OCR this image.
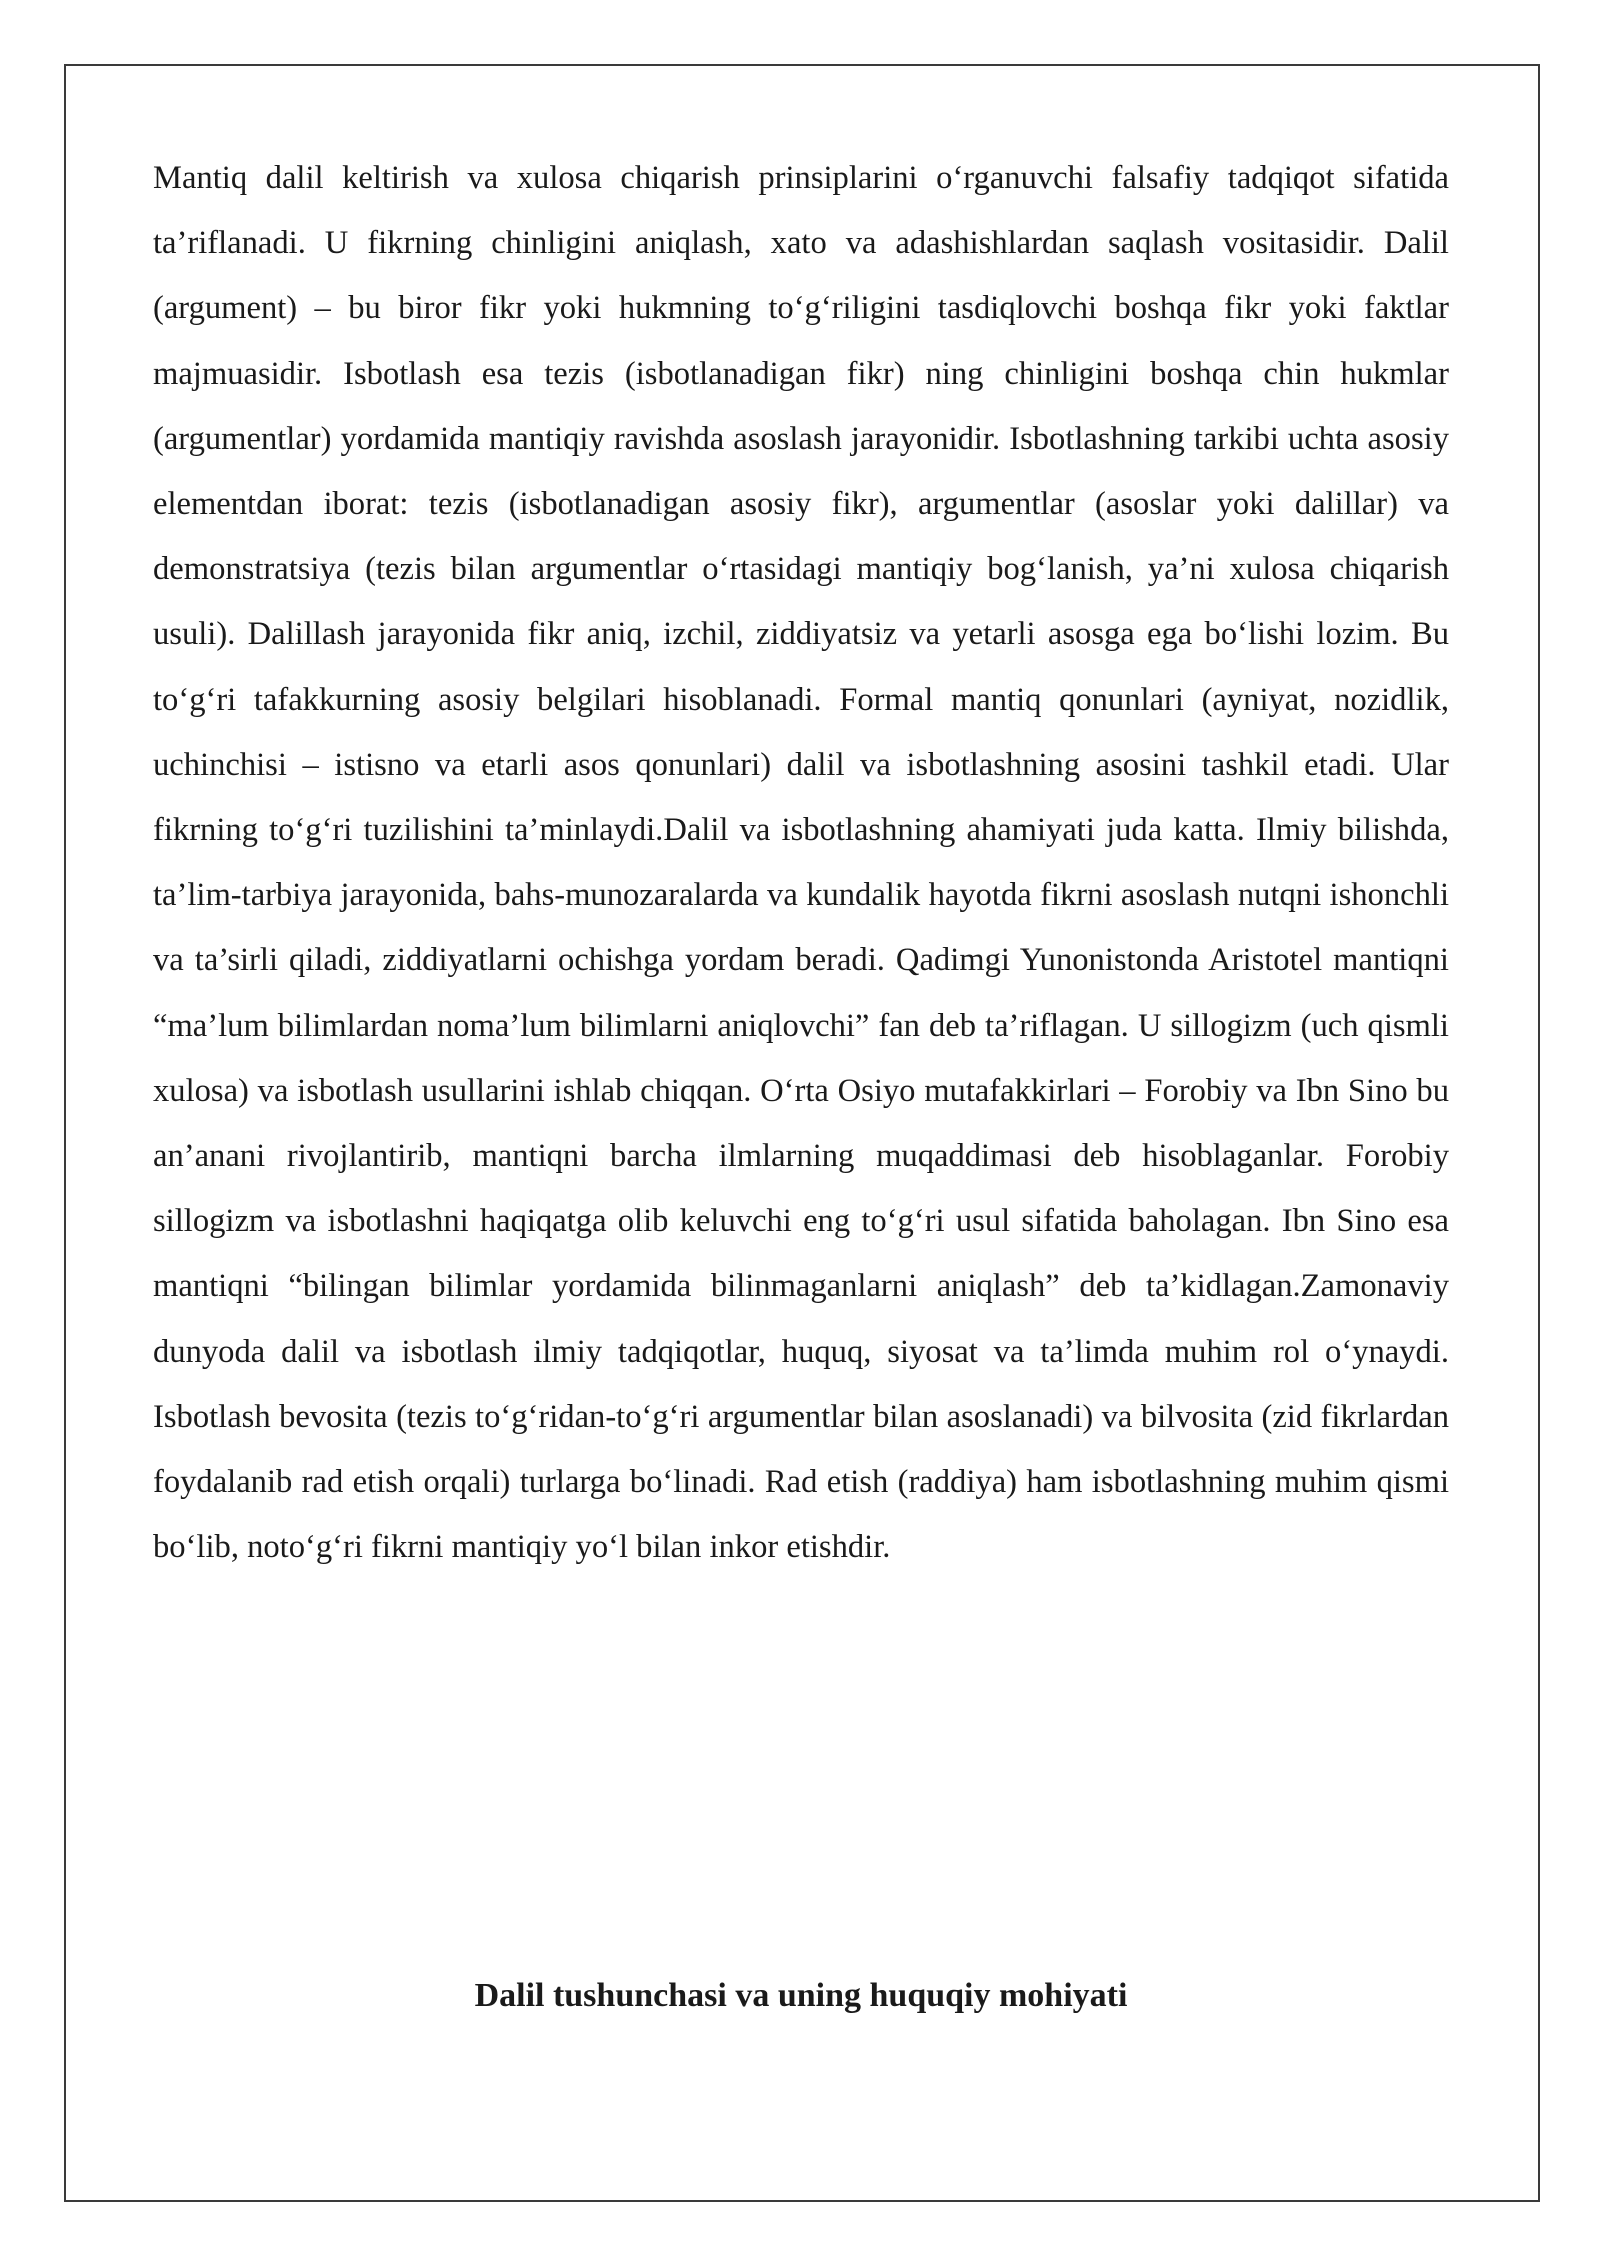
Mantiq dalil keltirish va xulosa chiqarish prinsiplarini o‘rganuvchi falsafiy tadqiqot sifatida ta’riflanadi. U fikrning chinligini aniqlash, xato va adashishlardan saqlash vositasidir. Dalil (argument) – bu biror fikr yoki hukmning to‘g‘riligini tasdiqlovchi boshqa fikr yoki faktlar majmuasidir. Isbotlash esa tezis (isbotlanadigan fikr) ning chinligini boshqa chin hukmlar (argumentlar) yordamida mantiqiy ravishda asoslash jarayonidir. Isbotlashning tarkibi uchta asosiy elementdan iborat: tezis (isbotlanadigan asosiy fikr), argumentlar (asoslar yoki dalillar) va demonstratsiya (tezis bilan argumentlar o‘rtasidagi mantiqiy bog‘lanish, ya’ni xulosa chiqarish usuli). Dalillash jarayonida fikr aniq, izchil, ziddiyatsiz va yetarli asosga ega bo‘lishi lozim. Bu to‘g‘ri tafakkurning asosiy belgilari hisoblanadi. Formal mantiq qonunlari (ayniyat, nozidlik, uchinchisi – istisno va etarli asos qonunlari) dalil va isbotlashning asosini tashkil etadi. Ular fikrning to‘g‘ri tuzilishini ta’minlaydi.Dalil va isbotlashning ahamiyati juda katta. Ilmiy bilishda, ta’lim-tarbiya jarayonida, bahs-munozaralarda va kundalik hayotda fikrni asoslash nutqni ishonchli va ta’sirli qiladi, ziddiyatlarni ochishga yordam beradi. Qadimgi Yunonistonda Aristotel mantiqni “ma’lum bilimlardan noma’lum bilimlarni aniqlovchi” fan deb ta’riflagan. U sillogizm (uch qismli xulosa) va isbotlash usullarini ishlab chiqqan. O‘rta Osiyo mutafakkirlari – Forobiy va Ibn Sino bu an’anani rivojlantirib, mantiqni barcha ilmlarning muqaddimasi deb hisoblaganlar. Forobiy sillogizm va isbotlashni haqiqatga olib keluvchi eng to‘g‘ri usul sifatida baholagan. Ibn Sino esa mantiqni “bilingan bilimlar yordamida bilinmaganlarni aniqlash” deb ta’kidlagan.Zamonaviy dunyoda dalil va isbotlash ilmiy tadqiqotlar, huquq, siyosat va ta’limda muhim rol o‘ynaydi. Isbotlash bevosita (tezis to‘g‘ridan-to‘g‘ri argumentlar bilan asoslanadi) va bilvosita (zid fikrlardan foydalanib rad etish orqali) turlarga bo‘linadi. Rad etish (raddiya) ham isbotlashning muhim qismi bo‘lib, noto‘g‘ri fikrni mantiqiy yo‘l bilan inkor etishdir.

Dalil tushunchasi va uning huquqiy mohiyati
